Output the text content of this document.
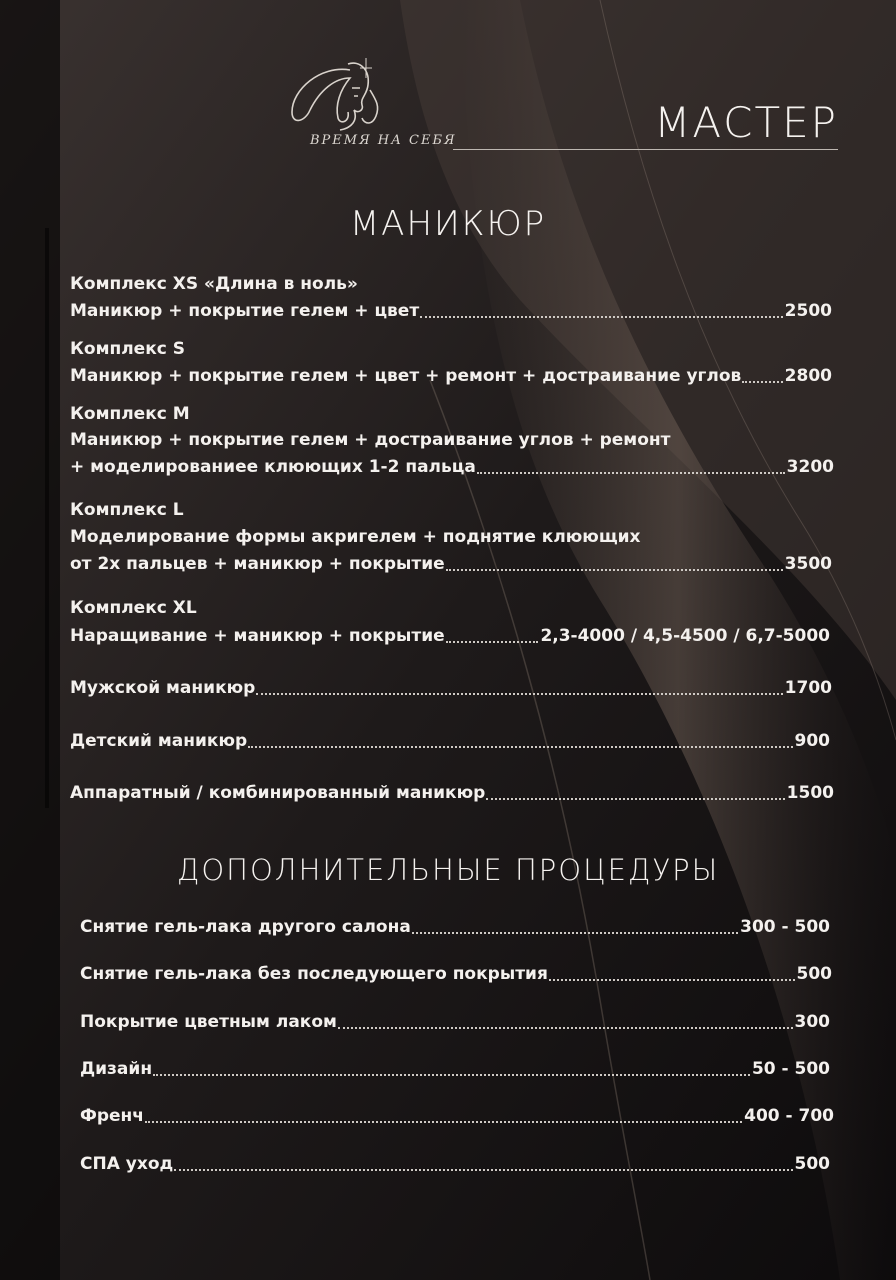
ВРЕМЯ НА СЕБЯ	МАСТЕР
МАНИКЮР
Комплекс XS «Длина в ноль»
Маникюр + покрытие гелем + цвет	2500
Комплекс S
Маникюр + покрытие гелем + цвет + ремонт + достраивание углов	2800
Комплекс M
Маникюр + покрытие гелем + достраивание углов + ремонт
+ моделированиее клюющих 1-2 пальца	3200
Комплекс L
Моделирование формы акригелем + поднятие клюющих
от 2х пальцев + маникюр + покрытие	3500
Комплекс XL
Наращивание + маникюр + покрытие	2,3-4000 / 4,5-4500 / 6,7-5000
Мужской маникюр	1700
Детский маникюр	900
Аппаратный / комбинированный маникюр	1500
Снятие гель-лака другого салона	300 - 500
Снятие гель-лака без последующего покрытия	500
Покрытие цветным лаком	300
Дизайн	50 - 500
Френч	400 - 700
СПА уход	500
ДОПОЛНИТЕЛЬНЫЕ ПРОЦЕДУРЫ
